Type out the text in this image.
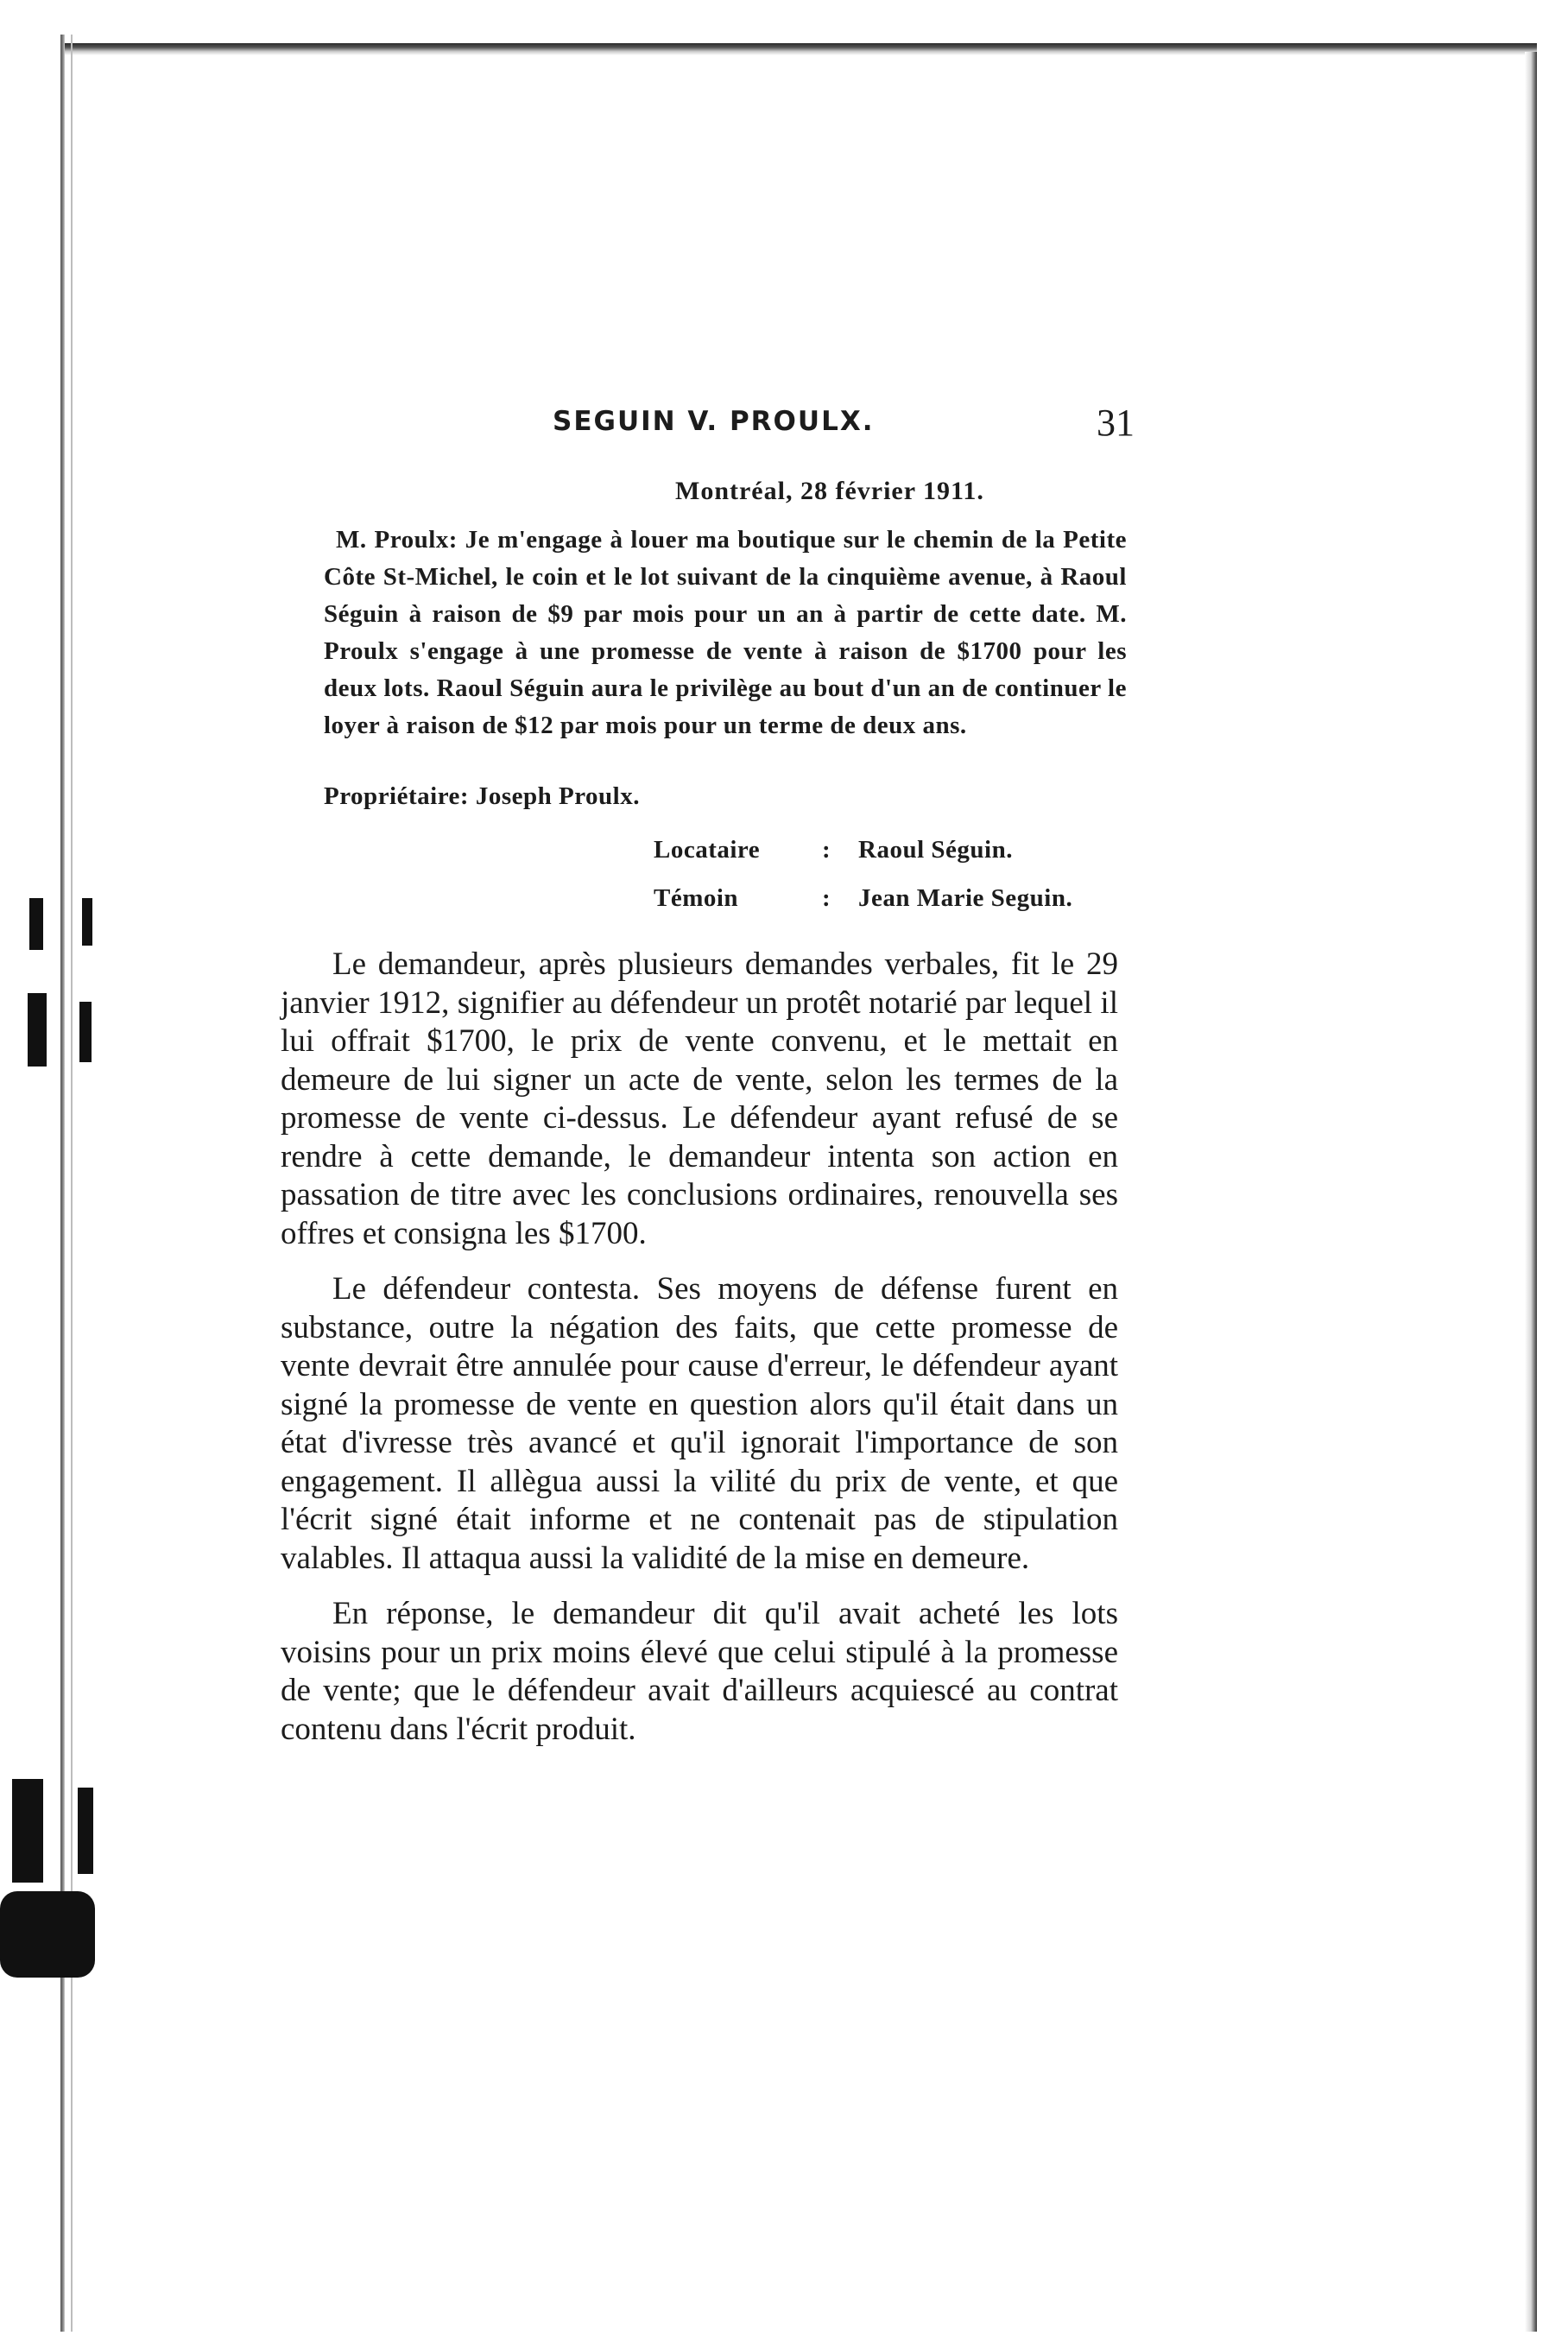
SEGUIN V. PROULX.	31
Montréal, 28 février 1911.

M. Proulx: Je m'engage à louer ma boutique sur le chemin de la Petite Côte St-Michel, le coin et le lot suivant de la cinquième avenue, à Raoul Séguin à raison de $9 par mois pour un an à partir de cette date. M. Proulx s'engage à une promesse de vente à raison de $1700 pour les deux lots. Raoul Séguin aura le privilège au bout d'un an de continuer le loyer à raison de $12 par mois pour un terme de deux ans.

Propriétaire: Joseph Proulx.
Locataire : Raoul Séguin.
Témoin	: Jean Marie Seguin.

Le demandeur, après plusieurs demandes verbales, fit le 29 janvier 1912, signifier au défendeur un protêt notarié par lequel il lui offrait $1700, le prix de vente convenu, et le mettait en demeure de lui signer un acte de vente, selon les termes de la promesse de vente ci-dessus. Le défendeur ayant refusé de se rendre à cette demande, le demandeur intenta son action en passation de titre avec les conclusions ordinaires, renouvella ses offres et consigna les $1700.

Le défendeur contesta. Ses moyens de défense furent en substance, outre la négation des faits, que cette promesse de vente devrait être annulée pour cause d'erreur, le défendeur ayant signé la promesse de vente en question alors qu'il était dans un état d'ivresse très avancé et qu'il ignorait l'importance de son engagement. Il allègua aussi la vilité du prix de vente, et que l'écrit signé était informe et ne contenait pas de stipulation valables. Il attaqua aussi la validité de la mise en demeure.

En réponse, le demandeur dit qu'il avait acheté les lots voisins pour un prix moins élevé que celui stipulé à la promesse de vente; que le défendeur avait d'ailleurs acquiescé au contrat contenu dans l'écrit produit.
